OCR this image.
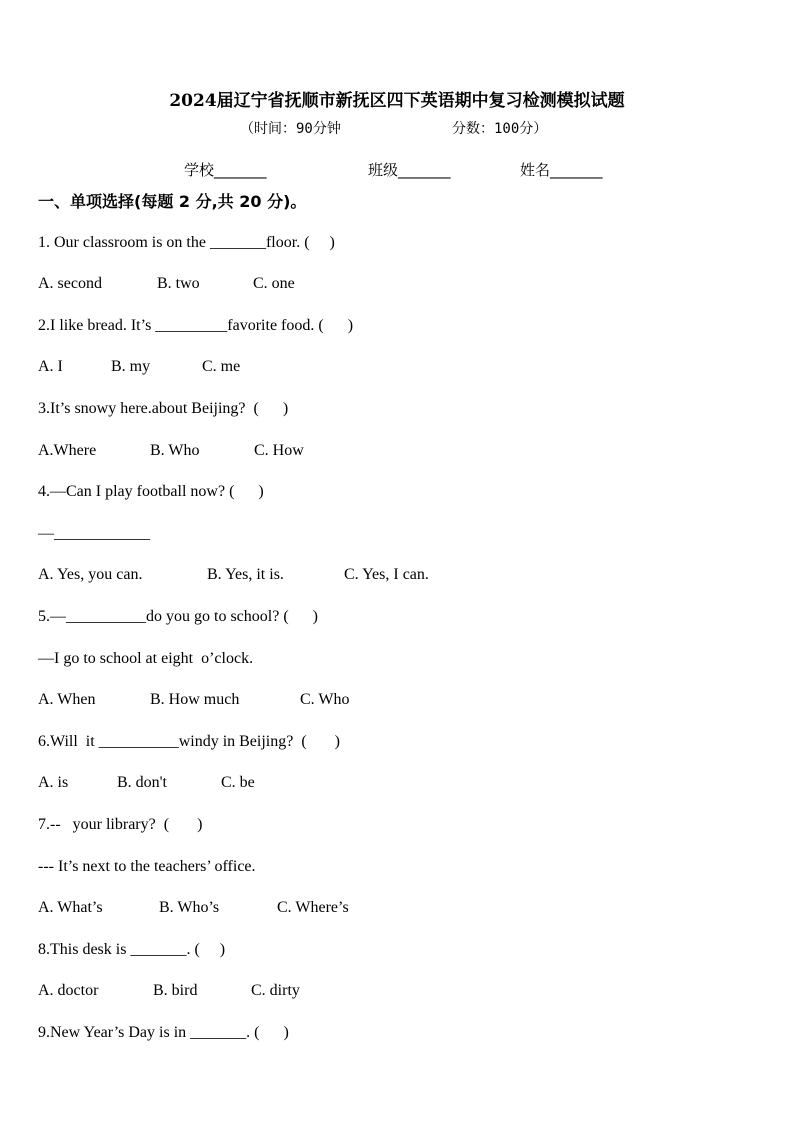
2024届辽宁省抚顺市新抚区四下英语期中复习检测模拟试题
（时间：90分钟	分数：100分）
学校_______	班级_______	姓名_______
一、单项选择(每题 2 分,共 20 分)。
1. Our classroom is on the _______floor. (     )
A. second	B. two	C. one
2.I like bread. It’s _________favorite food. (      )
A. I	B. my	C. me
3.It’s snowy here.about Beijing?  (      )
A.Where	B. Who	C. How
4.—Can I play football now? (      )
—____________
A. Yes, you can.	B. Yes, it is.	C. Yes, I can.
5.—__________do you go to school? (      )
—I go to school at eight  o’clock.
A. When	B. How much	C. Who
6.Will  it __________windy in Beijing?  (       )
A. is	B. don't	C. be
7.--   your library?  (       )
--- It’s next to the teachers’ office.
A. What’s	B. Who’s	C. Where’s
8.This desk is _______. (     )
A. doctor	B. bird	C. dirty
9.New Year’s Day is in _______. (      )
